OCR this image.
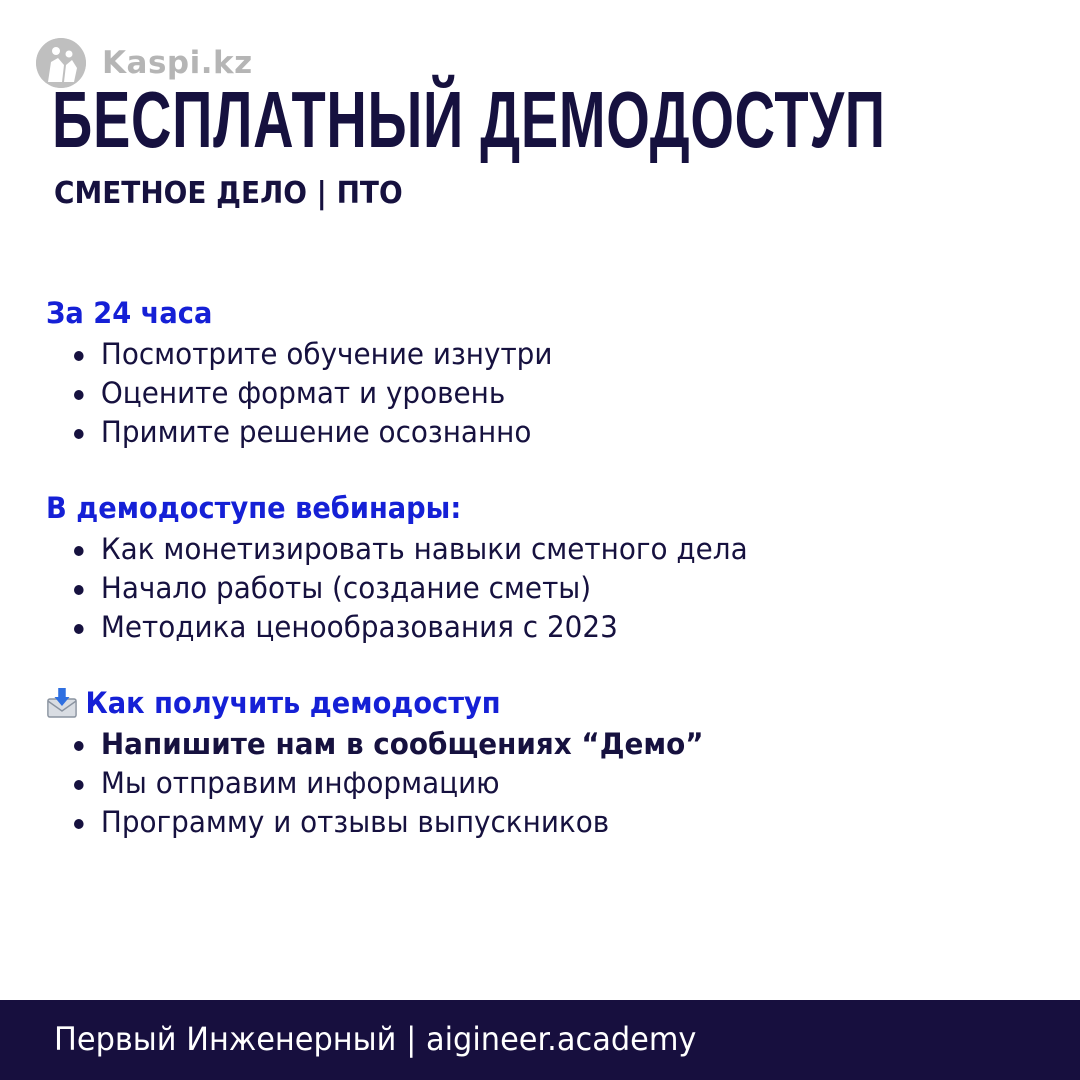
Kaspi.kz
БЕСПЛАТНЫЙ ДЕМОДОСТУП
СМЕТНОЕ ДЕЛО | ПТО
За 24 часа
Посмотрите обучение изнутри
Оцените формат и уровень
Примите решение осознанно
В демодоступе вебинары:
Как монетизировать навыки сметного дела
Начало работы (создание сметы)
Методика ценообразования с 2023
Как получить демодоступ
Напишите нам в сообщениях “Демо”
Мы отправим информацию
Программу и отзывы выпускников
Первый Инженерный | aigineer.academy
